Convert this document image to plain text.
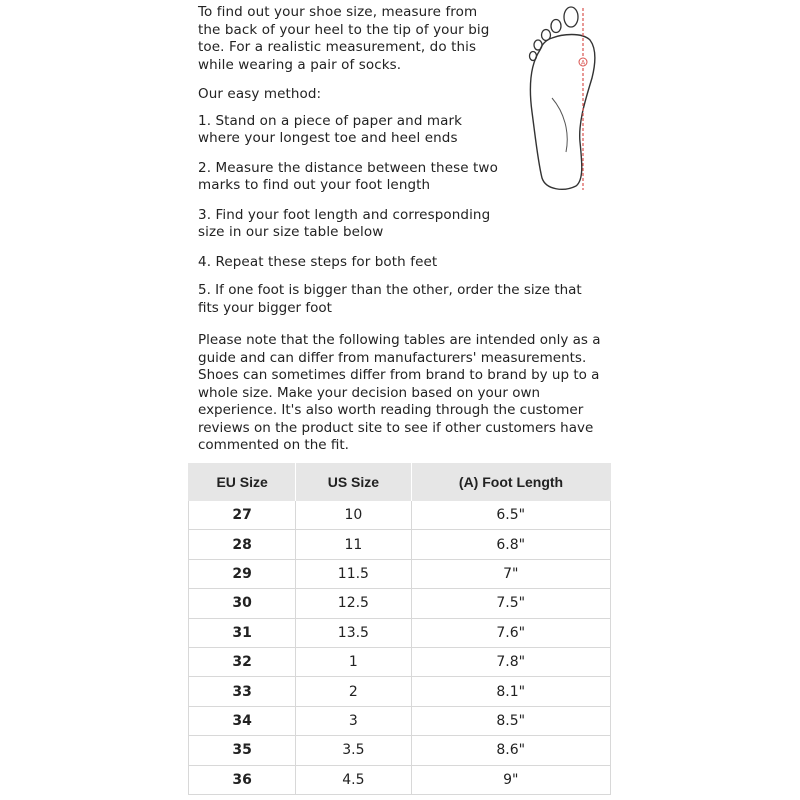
To find out your shoe size, measure from the back of your heel to the tip of your big toe. For a realistic measurement, do this while wearing a pair of socks.

Our easy method:

1. Stand on a piece of paper and mark where your longest toe and heel ends

2. Measure the distance between these two marks to find out your foot length

3. Find your foot length and corresponding size in our size table below

4. Repeat these steps for both feet

5. If one foot is bigger than the other, order the size that fits your bigger foot

Please note that the following tables are intended only as a guide and can differ from manufacturers' measurements. Shoes can sometimes differ from brand to brand by up to a whole size. Make your decision based on your own experience. It's also worth reading through the customer reviews on the product site to see if other customers have commented on the fit.

A
EU Size	US Size	(A) Foot Length
27	10	6.5"
28	11	6.8"
29	11.5	7"
30	12.5	7.5"
31	13.5	7.6"
32	1	7.8"
33	2	8.1"
34	3	8.5"
35	3.5	8.6"
36	4.5	9"
